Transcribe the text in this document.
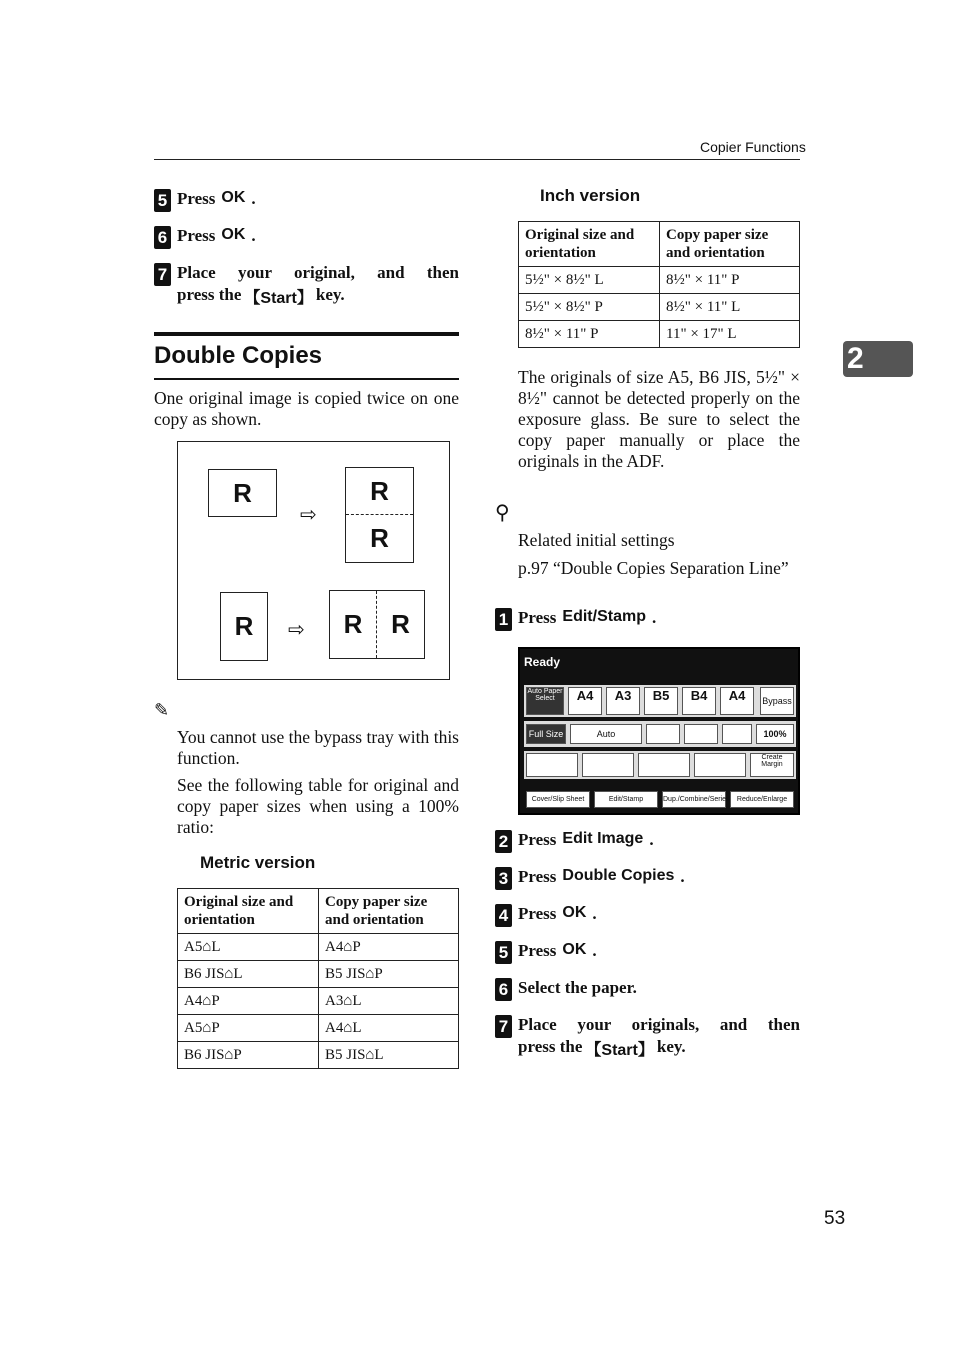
Copier Functions
2
5 Press OK .
6 Press OK .
7 Place your original, and then
press the 【Start】 key.
Double Copies
One original image is copied twice on one copy as shown.
R
⇨
R
R
R	⇨	R	R
✎
You cannot use the bypass tray with this function.
See the following table for original and copy paper sizes when using a 100% ratio:
Metric version
Original size and orientation	Copy paper size and orientation
A5⌂L	A4⌂P
B6 JIS⌂L	B5 JIS⌂P
A4⌂P	A3⌂L
A5⌂P	A4⌂L
B6 JIS⌂P	B5 JIS⌂L
Inch version
Original size and orientation	Copy paper size and orientation
5½" × 8½" L	8½" × 11" P
5½" × 8½" P	8½" × 11" L
8½" × 11" P	11" × 17" L
The originals of size A5, B6 JIS, 5½" × 8½" cannot be detected properly on the exposure glass. Be sure to select the copy paper manually or place the originals in the ADF.
⚲
Related initial settings
p.97 “Double Copies Separation Line”
1 Press Edit/Stamp .
Ready
Auto Paper Select	A4	A3	B5	B4	A4	Bypass
Full Size	Auto	100%
Create Margin
Cover/Slip Sheet	Edit/Stamp	Dup./Combine/Series	Reduce/Enlarge
2 Press Edit Image .
3 Press Double Copies .
4 Press OK .
5 Press OK .
6 Select the paper.
7 Place your originals, and then
press the 【Start】 key.
53
